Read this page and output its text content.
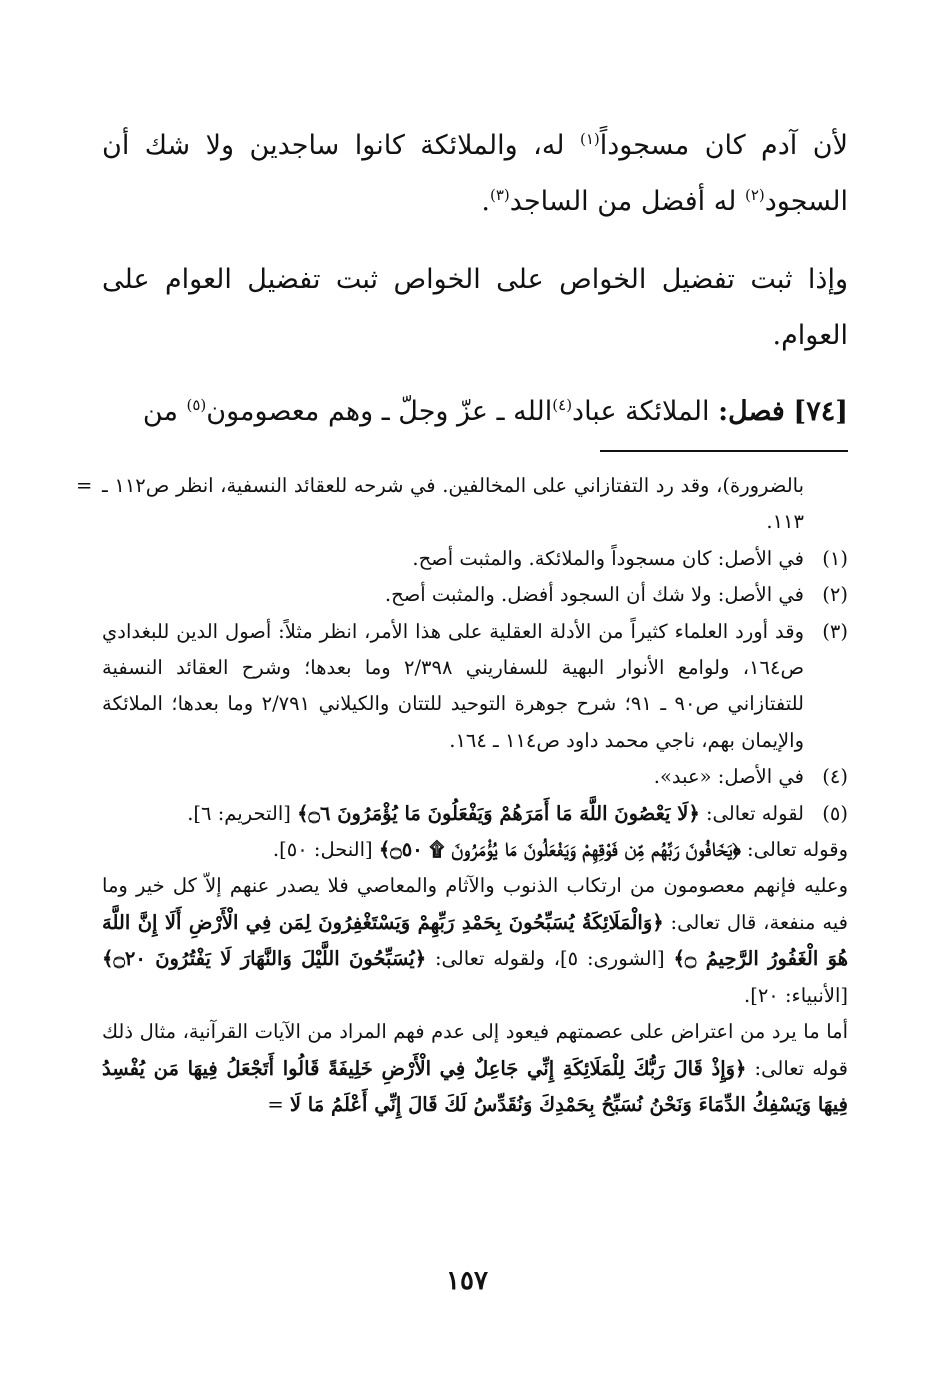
لأن آدم كان مسجوداً$^{(١)}$ له، والملائكة كانوا ساجدين ولا شك أن السجود$^{(٢)}$ له أفضل من الساجد$^{(٣)}$.

وإذا ثبت تفضيل الخواص على الخواص ثبت تفضيل العوام على العوام.

[٧٤] فصل: الملائكة عباد$^{(٤)}$الله ـ عزّ وجلّ ـ وهم معصومون$^{(٥)}$ من

= بالضرورة)، وقد رد التفتازاني على المخالفين. في شرحه للعقائد النسفية، انظر ص١١٢ ـ ١١٣.

(١)
في الأصل: كان مسجوداً والملائكة. والمثبت أصح.

(٢)
في الأصل: ولا شك أن السجود أفضل. والمثبت أصح.

(٣)
وقد أورد العلماء كثيراً من الأدلة العقلية على هذا الأمر، انظر مثلاً: أصول الدين للبغدادي ص١٦٤، ولوامع الأنوار البهية للسفاريني ٢/٣٩٨ وما بعدها؛ وشرح العقائد النسفية للتفتازاني ص٩٠ ـ ٩١؛ شرح جوهرة التوحيد للتتان والكيلاني ٢/٧٩١ وما بعدها؛ الملائكة والإيمان بهم، ناجي محمد داود ص١١٤ ـ ١٦٤.

(٤)
في الأصل: «عبد».

(٥)
لقوله تعالى: ﴿لَا يَعْصُونَ اللَّهَ مَا أَمَرَهُمْ وَيَفْعَلُونَ مَا يُؤْمَرُونَ ۝٦﴾ [التحريم: ٦].

وقوله تعالى: ﴿يَخَافُونَ رَبَّهُم مِّن فَوْقِهِمْ وَيَفْعَلُونَ مَا يُؤْمَرُونَ ۩ ۝٥٠﴾ [النحل: ٥٠].

وعليه فإنهم معصومون من ارتكاب الذنوب والآثام والمعاصي فلا يصدر عنهم إلاّ كل خير وما فيه منفعة، قال تعالى: ﴿وَالْمَلَائِكَةُ يُسَبِّحُونَ بِحَمْدِ رَبِّهِمْ وَيَسْتَغْفِرُونَ لِمَن فِي الْأَرْضِ أَلَا إِنَّ اللَّهَ هُوَ الْغَفُورُ الرَّحِيمُ ۝﴾ [الشورى: ٥]، ولقوله تعالى: ﴿يُسَبِّحُونَ اللَّيْلَ وَالنَّهَارَ لَا يَفْتُرُونَ ۝٢٠﴾ [الأنبياء: ٢٠].

أما ما يرد من اعتراض على عصمتهم فيعود إلى عدم فهم المراد من الآيات القرآنية، مثال ذلك قوله تعالى: ﴿وَإِذْ قَالَ رَبُّكَ لِلْمَلَائِكَةِ إِنِّي جَاعِلٌ فِي الْأَرْضِ خَلِيفَةً قَالُوا أَتَجْعَلُ فِيهَا مَن يُفْسِدُ فِيهَا وَيَسْفِكُ الدِّمَاءَ وَنَحْنُ نُسَبِّحُ بِحَمْدِكَ وَنُقَدِّسُ لَكَ قَالَ إِنِّي أَعْلَمُ مَا لَا =

١٥٧
